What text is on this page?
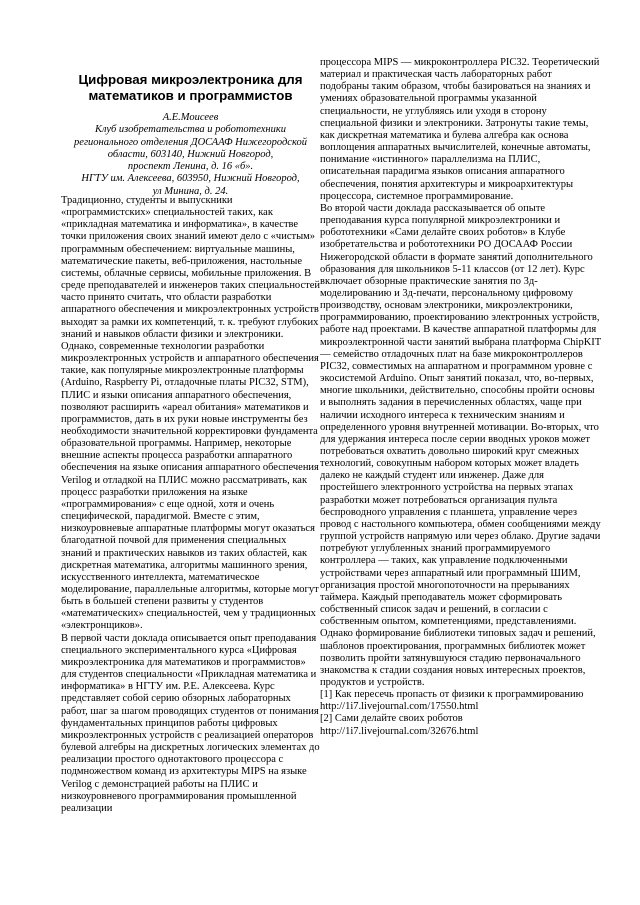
Цифровая микроэлектроника для математиков и программистов
А.Е.Моисеев
Клуб изобретательства и робототехники
регионального отделения ДОСААФ Нижегородской
области, 603140, Нижний Новгород,
проспект Ленина, д. 16 «б».
НГТУ им. Алексеева, 603950, Нижний Новгород,
ул Минина, д. 24.

Традиционно, студенты и выпускники «программистских» специальностей таких, как «прикладная математика и информатика», в качестве точки приложения своих знаний имеют дело с «чистым» программным обеспечением: виртуальные машины, математические пакеты, веб-приложения, настольные системы, облачные сервисы, мобильные приложения. В среде преподавателей и инженеров таких специальностей часто принято считать, что области разработки аппаратного обеспечения и микроэлектронных устройств выходят за рамки их компетенций, т. к. требуют глубоких знаний и навыков области физики и электроники. Однако, современные технологии разработки микроэлектронных устройств и аппаратного обеспечения такие, как популярные микроэлектронные платформы (Arduino, Raspberry Pi, отладочные платы PIC32, STM), ПЛИС и языки описания аппаратного обеспечения, позволяют расширить «ареал обитания» математиков и программистов, дать в их руки новые инструменты без необходимости значительной корректировки фундамента образовательной программы. Например, некоторые внешние аспекты процесса разработки аппаратного обеспечения на языке описания аппаратного обеспечения Verilog и отладкой на ПЛИС можно рассматривать, как процесс разработки приложения на языке «программирования» с еще одной, хотя и очень специфической, парадигмой. Вместе с этим, низкоуровневые аппаратные платформы могут оказаться благодатной почвой для применения специальных знаний и практических навыков из таких областей, как дискретная математика, алгоритмы машинного зрения, искусственного интеллекта, математическое моделирование, параллельные алгоритмы, которые могут быть в большей степени развиты у студентов «математических» специальностей, чем у традиционных «электронщиков».

В первой части доклада описывается опыт преподавания специального экспериментального курса «Цифровая микроэлектроника для математиков и программистов» для студентов специальности «Прикладная математика и информатика» в НГТУ им. Р.Е. Алексеева. Курс представляет собой серию обзорных лабораторных работ, шаг за шагом проводящих студентов от понимания фундаментальных принципов работы цифровых микроэлектронных устройств с реализацией операторов булевой алгебры на дискретных логических элементах до реализации простого однотактового процессора с подмножеством команд из архитектуры MIPS на языке Verilog с демонстрацией работы на ПЛИС и низкоуровневого программирования промышленной реализации

процессора MIPS — микроконтроллера PIC32. Теоретический материал и практическая часть лабораторных работ подобраны таким образом, чтобы базироваться на знаниях и умениях образовательной программы указанной специальности, не углубляясь или уходя в сторону специальной физики и электроники. Затронуты такие темы, как дискретная математика и булева алгебра как основа воплощения аппаратных вычислителей, конечные автоматы, понимание «истинного» параллелизма на ПЛИС, описательная парадигма языков описания аппаратного обеспечения, понятия архитектуры и микроархитектуры процессора, системное программирование.

Во второй части доклада рассказывается об опыте преподавания курса популярной микроэлектроники и робототехники «Сами делайте своих роботов» в Клубе изобретательства и робототехники РО ДОСААФ России Нижегородской области в формате занятий дополнительного образования для школьников 5-11 классов (от 12 лет). Курс включает обзорные практические занятия по 3д-моделированию и 3д-печати, персональному цифровому производству, основам электроники, микроэлектроники, программированию, проектированию электронных устройств, работе над проектами. В качестве аппаратной платформы для микроэлектронной части занятий выбрана платформа ChipKIT — семейство отладочных плат на базе микроконтроллеров PIC32, совместимых на аппаратном и программном уровне с экосистемой Arduino. Опыт занятий показал, что, во-первых, многие школьники, действительно, способны пройти основы и выполнять задания в перечисленных областях, чаще при наличии исходного интереса к техническим знаниям и определенного уровня внутренней мотивации. Во-вторых, что для удержания интереса после серии вводных уроков может потребоваться охватить довольно широкий круг смежных технологий, совокупным набором которых может владеть далеко не каждый студент или инженер. Даже для простейшего электронного устройства на первых этапах разработки может потребоваться организация пульта беспроводного управления с планшета, управление через провод с настольного компьютера, обмен сообщениями между группой устройств напрямую или через облако. Другие задачи потребуют углубленных знаний программируемого контроллера — таких, как управление подключенными устройствами через аппаратный или программный ШИМ, организация простой многопоточности на прерываниях таймера. Каждый преподаватель может сформировать собственный список задач и решений, в согласии с собственным опытом, компетенциями, представлениями. Однако формирование библиотеки типовых задач и решений, шаблонов проектирования, программных библиотек может позволить пройти затянувшуюся стадию первоначального знакомства к стадии создания новых интересных проектов, продуктов и устройств.

[1] Как пересечь пропасть от физики к программированию http://1i7.livejournal.com/17550.html

[2] Сами делайте своих роботов http://1i7.livejournal.com/32676.html
